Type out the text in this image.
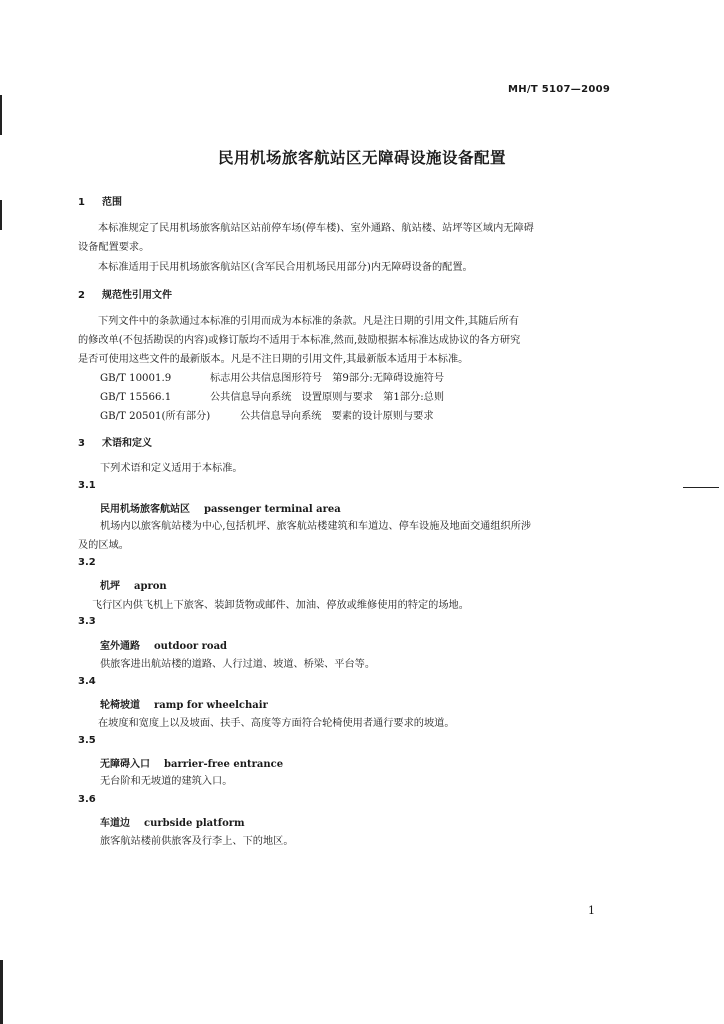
MH/T 5107—2009
民用机场旅客航站区无障碍设施设备配置
1 范围
本标准规定了民用机场旅客航站区站前停车场(停车楼)、室外通路、航站楼、站坪等区域内无障碍
设备配置要求。
本标准适用于民用机场旅客航站区(含军民合用机场民用部分)内无障碍设备的配置。
2 规范性引用文件
下列文件中的条款通过本标准的引用而成为本标准的条款。凡是注日期的引用文件,其随后所有
的修改单(不包括勘误的内容)或修订版均不适用于本标准,然而,鼓励根据本标准达成协议的各方研究
是否可使用这些文件的最新版本。凡是不注日期的引用文件,其最新版本适用于本标准。
GB/T 10001.9	标志用公共信息图形符号　第9部分:无障碍设施符号
GB/T 15566.1	公共信息导向系统　设置原则与要求　第1部分:总则
GB/T 20501(所有部分)	公共信息导向系统　要素的设计原则与要求
3 术语和定义
下列术语和定义适用于本标准。
3.1
民用机场旅客航站区 passenger terminal area
机场内以旅客航站楼为中心,包括机坪、旅客航站楼建筑和车道边、停车设施及地面交通组织所涉
及的区域。
3.2
机坪 apron
飞行区内供飞机上下旅客、装卸货物或邮件、加油、停放或维修使用的特定的场地。
3.3
室外通路 outdoor road
供旅客进出航站楼的道路、人行过道、坡道、桥梁、平台等。
3.4
轮椅坡道 ramp for wheelchair
在坡度和宽度上以及坡面、扶手、高度等方面符合轮椅使用者通行要求的坡道。
3.5
无障碍入口 barrier-free entrance
无台阶和无坡道的建筑入口。
3.6
车道边 curbside platform
旅客航站楼前供旅客及行李上、下的地区。
1
